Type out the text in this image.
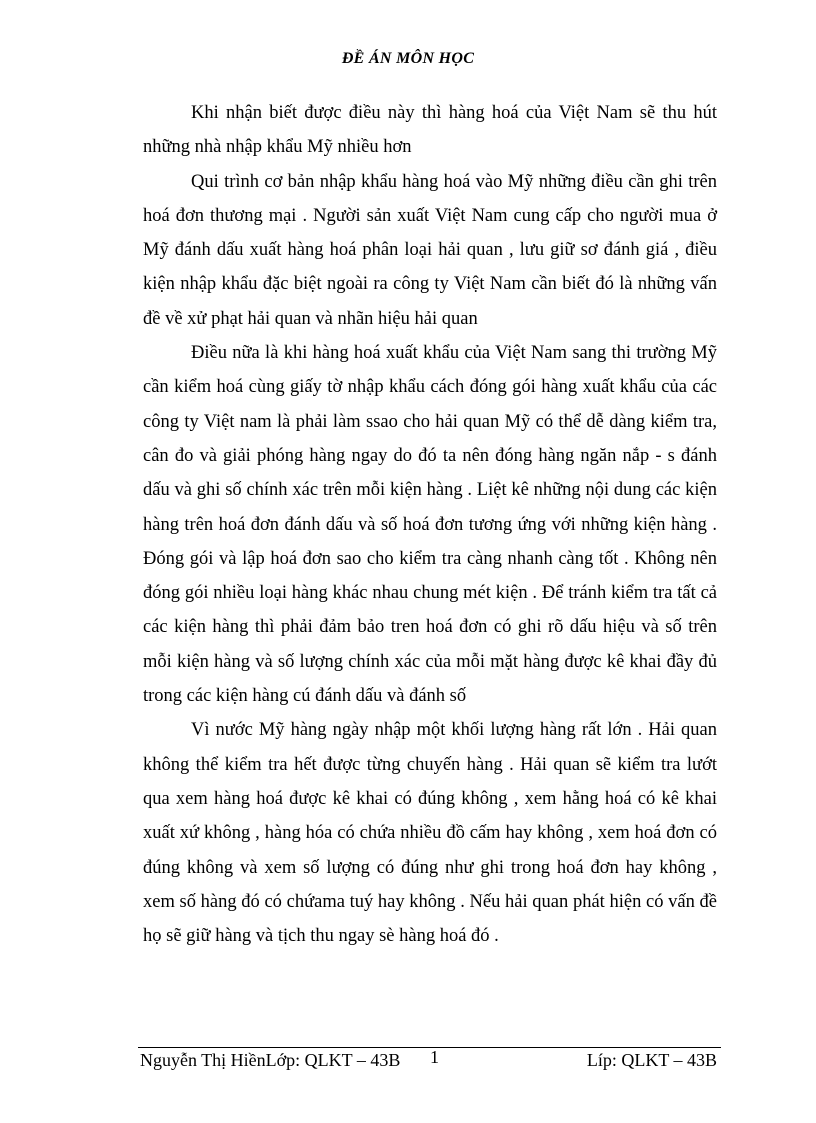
ĐỀ ÁN MÔN HỌC

Khi nhận biết được điều này thì hàng hoá của Việt Nam sẽ thu hút những nhà nhập khẩu Mỹ nhiều hơn

Qui trình cơ bản nhập khẩu hàng hoá vào Mỹ những điều cần ghi trên hoá đơn thương mại . Người sản xuất Việt Nam cung cấp cho người mua ở Mỹ đánh dấu xuất hàng hoá phân loại hải quan , lưu giữ sơ đánh giá , điều kiện nhập khẩu đặc biệt ngoài ra công ty Việt Nam cần biết đó là những vấn đề về xử phạt hải quan và nhãn hiệu hải quan

Điều nữa là khi hàng hoá xuất khẩu của Việt Nam sang thi trường Mỹ cần kiểm hoá cùng giấy tờ nhập khẩu cách đóng gói hàng xuất khẩu của các công ty Việt nam là phải làm ssao cho hải quan Mỹ có thể dễ dàng kiểm tra, cân đo và giải phóng hàng ngay do đó ta nên đóng hàng ngăn nắp - s đánh dấu và ghi số chính xác trên mỗi kiện hàng . Liệt kê những nội dung các kiện hàng trên hoá đơn đánh dấu và số hoá đơn tương ứng với những kiện hàng . Đóng gói và lập hoá đơn sao cho kiểm tra càng nhanh càng tốt . Không nên đóng gói nhiều loại hàng khác nhau chung mét kiện . Để tránh kiểm tra tất cả các kiện hàng thì phải đảm bảo tren hoá đơn có ghi rõ dấu hiệu và số trên mỗi kiện hàng và số lượng chính xác của mỗi mặt hàng được kê khai đầy đủ trong các kiện hàng cú đánh dấu và đánh số

Vì nước Mỹ hàng ngày nhập một khối lượng hàng rất lớn . Hải quan không thể kiểm tra hết được từng chuyến hàng . Hải quan sẽ kiểm tra lướt qua xem hàng hoá được kê khai có đúng không , xem hằng hoá có kê khai xuất xứ không , hàng hóa có chứa nhiều đồ cấm hay không , xem hoá đơn có đúng không và xem số lượng có đúng như ghi trong hoá đơn hay không , xem số hàng đó có chứama tuý hay không . Nếu hải quan phát hiện có vấn đề họ sẽ giữ hàng và tịch thu ngay sè hàng hoá đó .

Nguyễn Thị HiềnLớp: QLKT – 43B 1	Líp: QLKT – 43B
